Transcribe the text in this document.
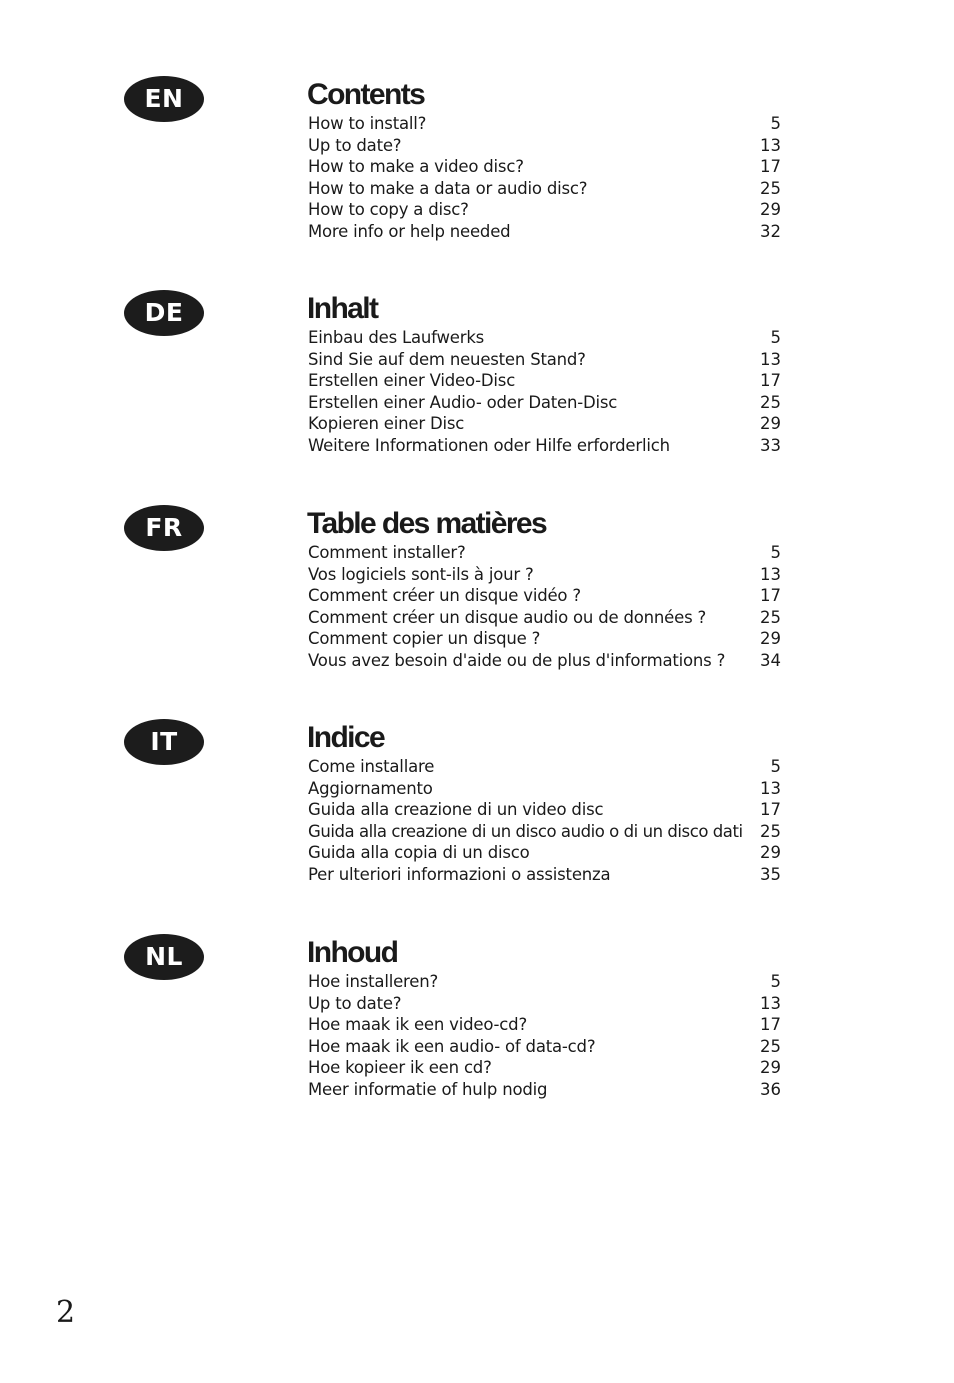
EN	Contents
How to install?	5
Up to date?	13
How to make a video disc?	17
How to make a data or audio disc?	25
How to copy a disc?	29
More info or help needed	32
DE	Inhalt
Einbau des Laufwerks	5
Sind Sie auf dem neuesten Stand?	13
Erstellen einer Video-Disc	17
Erstellen einer Audio- oder Daten-Disc	25
Kopieren einer Disc	29
Weitere Informationen oder Hilfe erforderlich	33
FR	Table des matières
Comment installer?	5
Vos logiciels sont-ils à jour ?	13
Comment créer un disque vidéo ?	17
Comment créer un disque audio ou de données ?	25
Comment copier un disque ?	29
Vous avez besoin d'aide ou de plus d'informations ? 34
IT	Indice
Come installare	5
Aggiornamento	13
Guida alla creazione di un video disc	17
Guida alla creazione di un disco audio o di un disco dati 25
Guida alla copia di un disco	29
Per ulteriori informazioni o assistenza	35
NL	Inhoud
Hoe installeren?	5
Up to date?	13
Hoe maak ik een video-cd?	17
Hoe maak ik een audio- of data-cd?	25
Hoe kopieer ik een cd?	29
Meer informatie of hulp nodig	36
2
